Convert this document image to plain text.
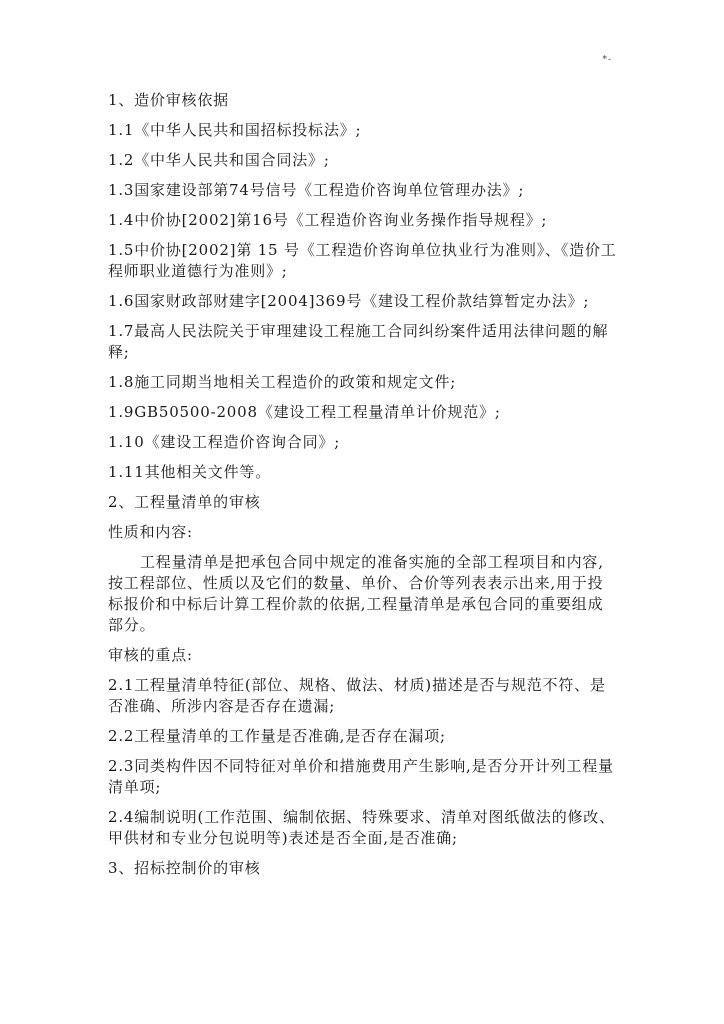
*-
1、造价审核依据
1.1《中华人民共和国招标投标法》;
1.2《中华人民共和国合同法》;
1.3国家建设部第74号信号《工程造价咨询单位管理办法》;
1.4中价协[2002]第16号《工程造价咨询业务操作指导规程》;
1.5中价协[2002]第 15 号《工程造价咨询单位执业行为准则》、《造价工程师职业道德行为准则》;
1.6国家财政部财建字[2004]369号《建设工程价款结算暂定办法》;
1.7最高人民法院关于审理建设工程施工合同纠纷案件适用法律问题的解释;
1.8施工同期当地相关工程造价的政策和规定文件;
1.9GB50500-2008《建设工程工程量清单计价规范》;
1.10《建设工程造价咨询合同》;
1.11其他相关文件等。
2、工程量清单的审核
性质和内容:
工程量清单是把承包合同中规定的准备实施的全部工程项目和内容,按工程部位、性质以及它们的数量、单价、合价等列表表示出来,用于投标报价和中标后计算工程价款的依据,工程量清单是承包合同的重要组成部分。
审核的重点:
2.1工程量清单特征(部位、规格、做法、材质)描述是否与规范不符、是否准确、所涉内容是否存在遗漏;
2.2工程量清单的工作量是否准确,是否存在漏项;
2.3同类构件因不同特征对单价和措施费用产生影响,是否分开计列工程量清单项;
2.4编制说明(工作范围、编制依据、特殊要求、清单对图纸做法的修改、甲供材和专业分包说明等)表述是否全面,是否准确;
3、招标控制价的审核
